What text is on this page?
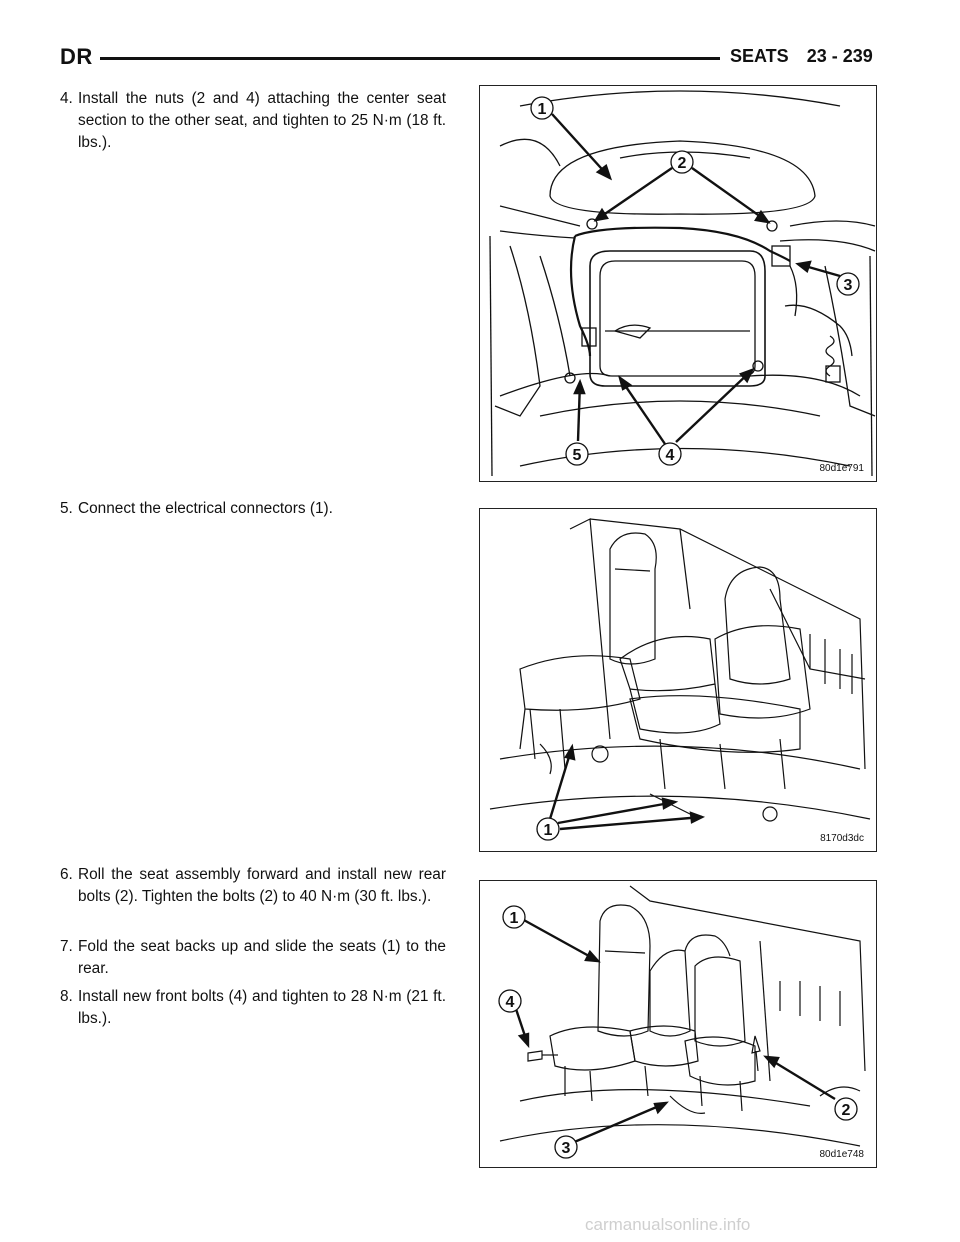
DR	SEATS 23 - 239
4. Install the nuts (2 and 4) attaching the center seat section to the other seat, and tighten to 25 N·m (18 ft. lbs.).
5. Connect the electrical connectors (1).
6. Roll the seat assembly forward and install new rear bolts (2). Tighten the bolts (2) to 40 N·m (30 ft. lbs.).
7. Fold the seat backs up and slide the seats (1) to the rear.
8. Install new front bolts (4) and tighten to 28 N·m (21 ft. lbs.).
1
2
3
4
5
80d1e791
1	8170d3dc
1
4
2
3	80d1e748
carmanualsonline.info
